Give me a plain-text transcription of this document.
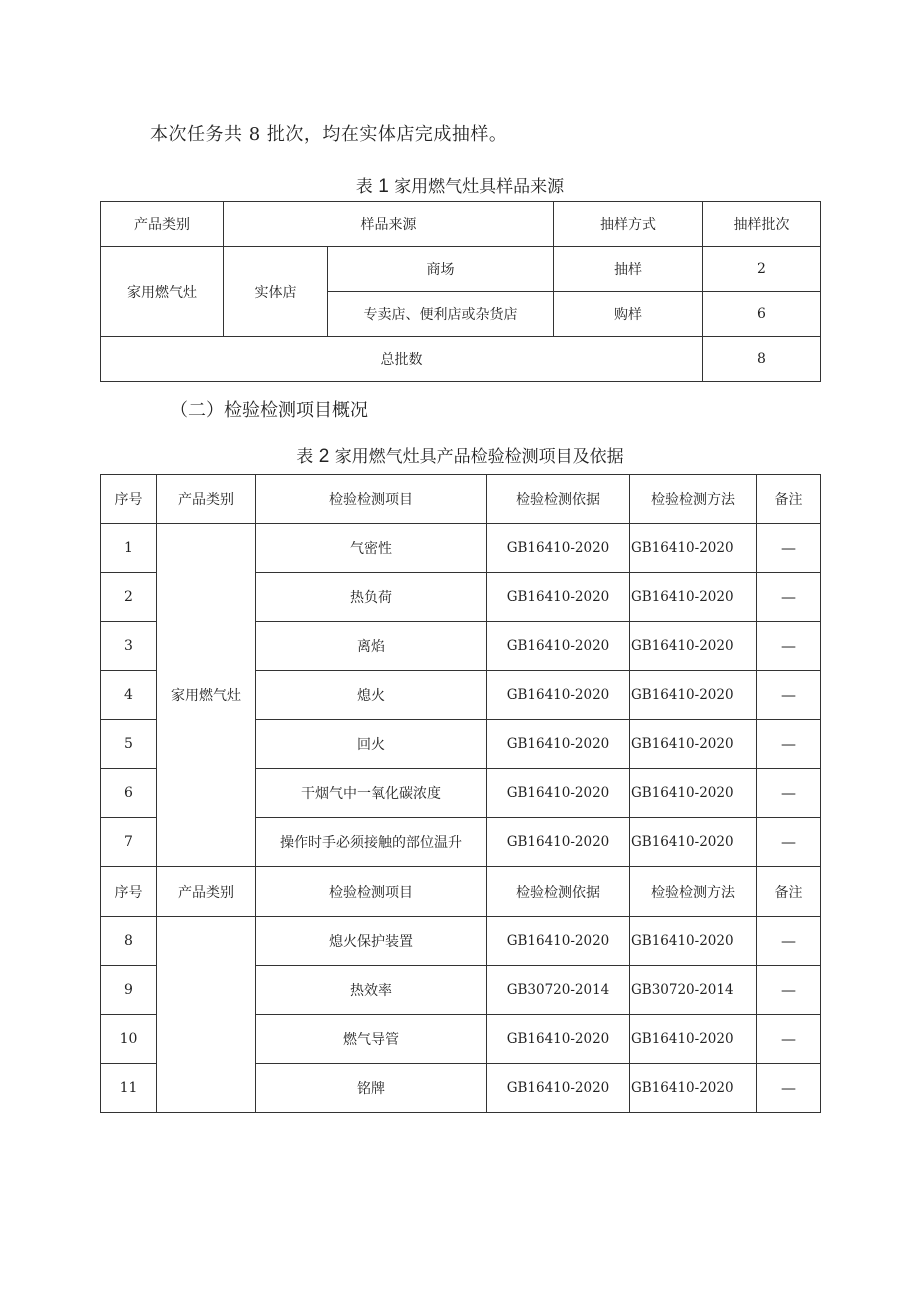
本次任务共 8 批次，均在实体店完成抽样。
表 1 家用燃气灶具样品来源
产品类别	样品来源		抽样方式	抽样批次
家用燃气灶	实体店	商场	抽样	2
		专卖店、便利店或杂货店	购样	6
总批数				8
（二）检验检测项目概况
表 2 家用燃气灶具产品检验检测项目及依据
序号	产品类别	检验检测项目	检验检测依据	检验检测方法	备注
1	家用燃气灶	气密性	GB16410-2020	GB16410-2020	—
2		热负荷	GB16410-2020	GB16410-2020	—
3		离焰	GB16410-2020	GB16410-2020	—
4		熄火	GB16410-2020	GB16410-2020	—
5		回火	GB16410-2020	GB16410-2020	—
6		干烟气中一氧化碳浓度	GB16410-2020	GB16410-2020	—
7		操作时手必须接触的部位温升	GB16410-2020	GB16410-2020	—
序号	产品类别	检验检测项目	检验检测依据	检验检测方法	备注
8		熄火保护装置	GB16410-2020	GB16410-2020	—
9		热效率	GB30720-2014	GB30720-2014	—
10		燃气导管	GB16410-2020	GB16410-2020	—
11		铭牌	GB16410-2020	GB16410-2020	—
